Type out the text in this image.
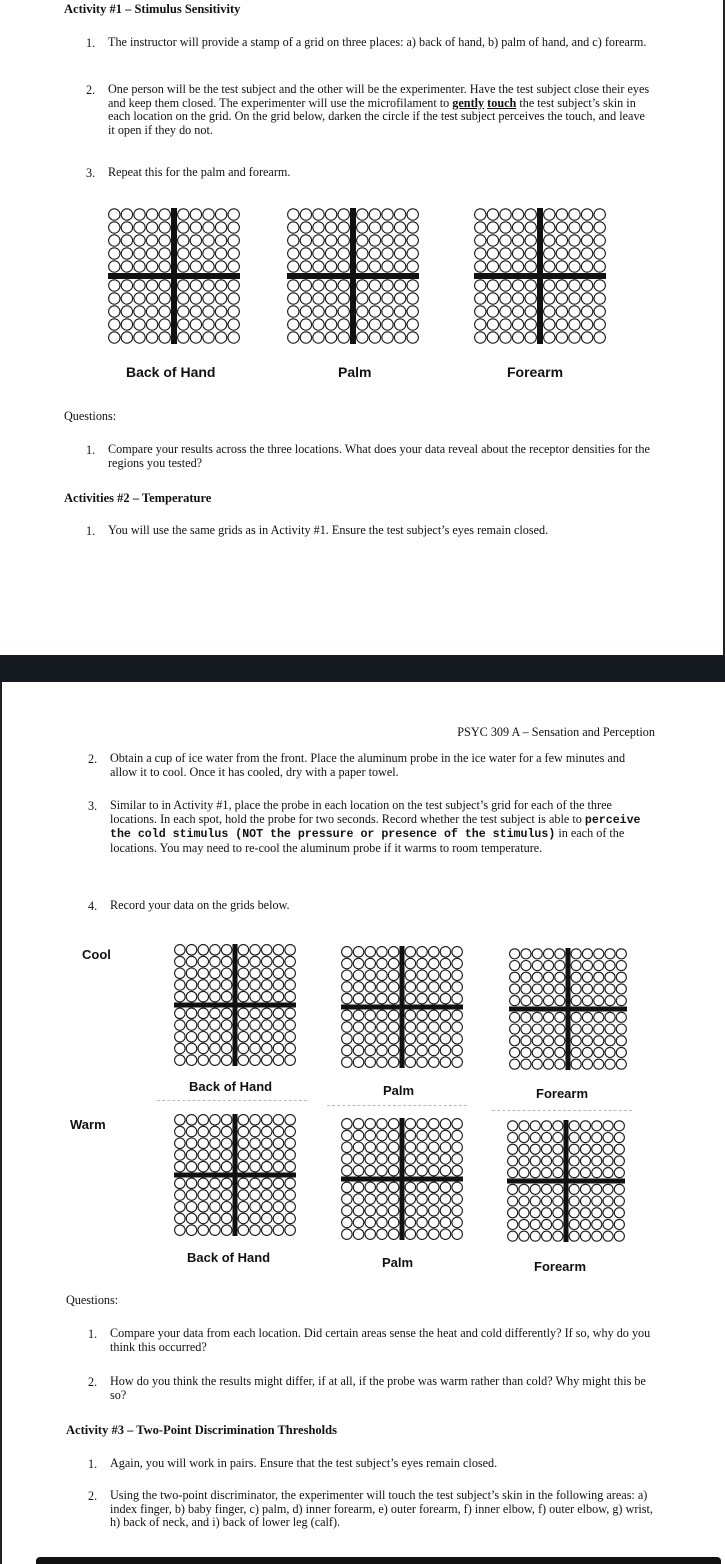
Activity #1 – Stimulus Sensitivity
1. The instructor will provide a stamp of a grid on three places: a) back of hand, b) palm of hand, and c) forearm.
2. One person will be the test subject and the other will be the experimenter. Have the test subject close their eyes and keep them closed. The experimenter will use the microfilament to gently touch the test subject’s skin in each location on the grid. On the grid below, darken the circle if the test subject perceives the touch, and leave it open if they do not.
3. Repeat this for the palm and forearm.
Back of Hand	Palm	Forearm
Questions:
1. Compare your results across the three locations. What does your data reveal about the receptor densities for the regions you tested?
Activities #2 – Temperature
1. You will use the same grids as in Activity #1. Ensure the test subject’s eyes remain closed.
PSYC 309 A – Sensation and Perception
2. Obtain a cup of ice water from the front. Place the aluminum probe in the ice water for a few minutes and allow it to cool. Once it has cooled, dry with a paper towel.
3. Similar to in Activity #1, place the probe in each location on the test subject’s grid for each of the three locations. In each spot, hold the probe for two seconds. Record whether the test subject is able to perceive the cold stimulus (NOT the pressure or presence of the stimulus) in each of the locations. You may need to re-cool the aluminum probe if it warms to room temperature.
4. Record your data on the grids below.
Cool
Back of Hand	Palm	Forearm
Warm
Back of Hand	Palm	Forearm
Questions:
1. Compare your data from each location. Did certain areas sense the heat and cold differently? If so, why do you think this occurred?
2. How do you think the results might differ, if at all, if the probe was warm rather than cold? Why might this be so?
Activity #3 – Two-Point Discrimination Thresholds
1. Again, you will work in pairs. Ensure that the test subject’s eyes remain closed.
2. Using the two-point discriminator, the experimenter will touch the test subject’s skin in the following areas: a) index finger, b) baby finger, c) palm, d) inner forearm, e) outer forearm, f) inner elbow, f) outer elbow, g) wrist, h) back of neck, and i) back of lower leg (calf).
